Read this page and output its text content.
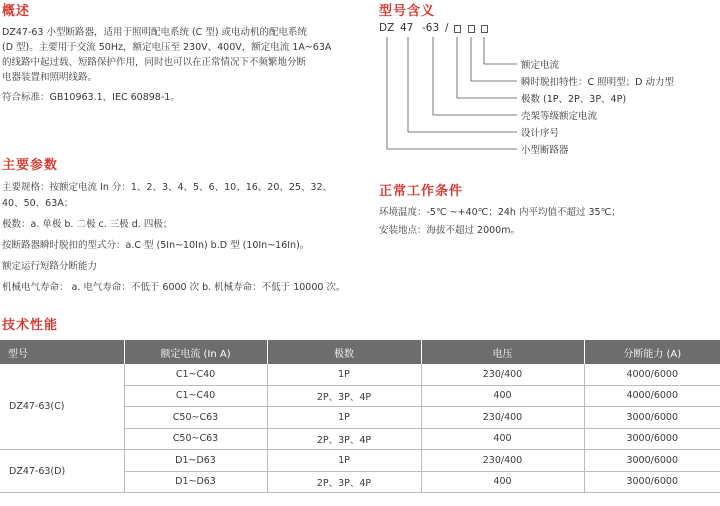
概述

DZ47-63 小型断路器，适用于照明配电系统 (C 型) 或电动机的配电系统

(D 型)。主要用于交流 50Hz，额定电压至 230V、400V，额定电流 1A~63A

的线路中起过载、短路保护作用，同时也可以在正常情况下不频繁地分断

电器装置和照明线路。

符合标准：GB10963.1、IEC 60898-1。

型号含义
DZ 47 -63 /
额定电流
瞬时脱扣特性：C 照明型；D 动力型
极数 (1P、2P、3P、4P)
壳架等级额定电流
设计序号
小型断路器
主要参数

主要规格：按额定电流 In 分：1、2、3、4、5、6、10、16、20、25、32、

40、50、63A；

极数：a. 单极 b. 二极 c. 三极 d. 四极；

按断路器瞬时脱扣的型式分：a.C 型 (5In~10In) b.D 型 (10In~16In)。

额定运行短路分断能力

机械电气寿命： a. 电气寿命：不低于 6000 次 b. 机械寿命：不低于 10000 次。

正常工作条件

环境温度：-5℃ ~+40℃；24h 内平均值不超过 35℃；

安装地点：海拔不超过 2000m。

技术性能
型号	额定电流 (In A)	极数	电压	分断能力 (A)
DZ47-63(C)	C1~C40	1P	230/400	4000/6000
	C1~C40	2P、3P、4P	400	4000/6000
	C50~C63	1P	230/400	3000/6000
	C50~C63	2P、3P、4P	400	3000/6000
DZ47-63(D)	D1~D63	1P	230/400	3000/6000
	D1~D63	2P、3P、4P	400	3000/6000
